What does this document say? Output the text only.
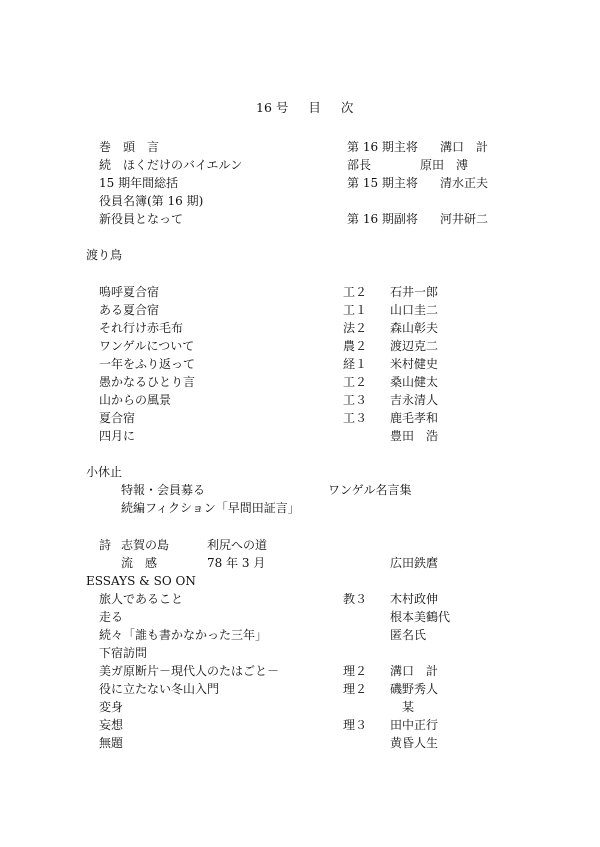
16 号 目 次
巻　頭　言	第 16 期主将 溝口　計
続　ほくだけのバイエルン	部長	原田　溥
15 期年間総括	第 15 期主将 清水正夫
役員名簿(第 16 期)
新役員となって	第 16 期副将 河井研二
渡り鳥
嗚呼夏合宿	工２ 石井一郎
ある夏合宿	工１ 山口圭二
それ行け赤毛布	法２ 森山彰夫
ワンゲルについて	農２ 渡辺克二
一年をふり返って	経１ 米村健史
愚かなるひとり言	工２ 桑山健太
山からの風景	工３ 吉永清人
夏合宿	工３ 鹿毛孝和
四月に	豊田　浩
小休止
特報・会員募る	ワンゲル名言集
続編フィクション「早間田証言」
詩 志賀の島	利尻への道
流　感	78 年 3 月	広田鉄麿
ESSAYS & SO ON
旅人であること	教３ 木村政伸
走る	根本美鶴代
続々「誰も書かなかった三年」	匿名氏
下宿訪問
美ガ原断片－現代人のたはごと－	理２ 溝口　計
役に立たない冬山入門	理２ 磯野秀人
変身	　某
妄想	理３ 田中正行
無題	黄昏人生
